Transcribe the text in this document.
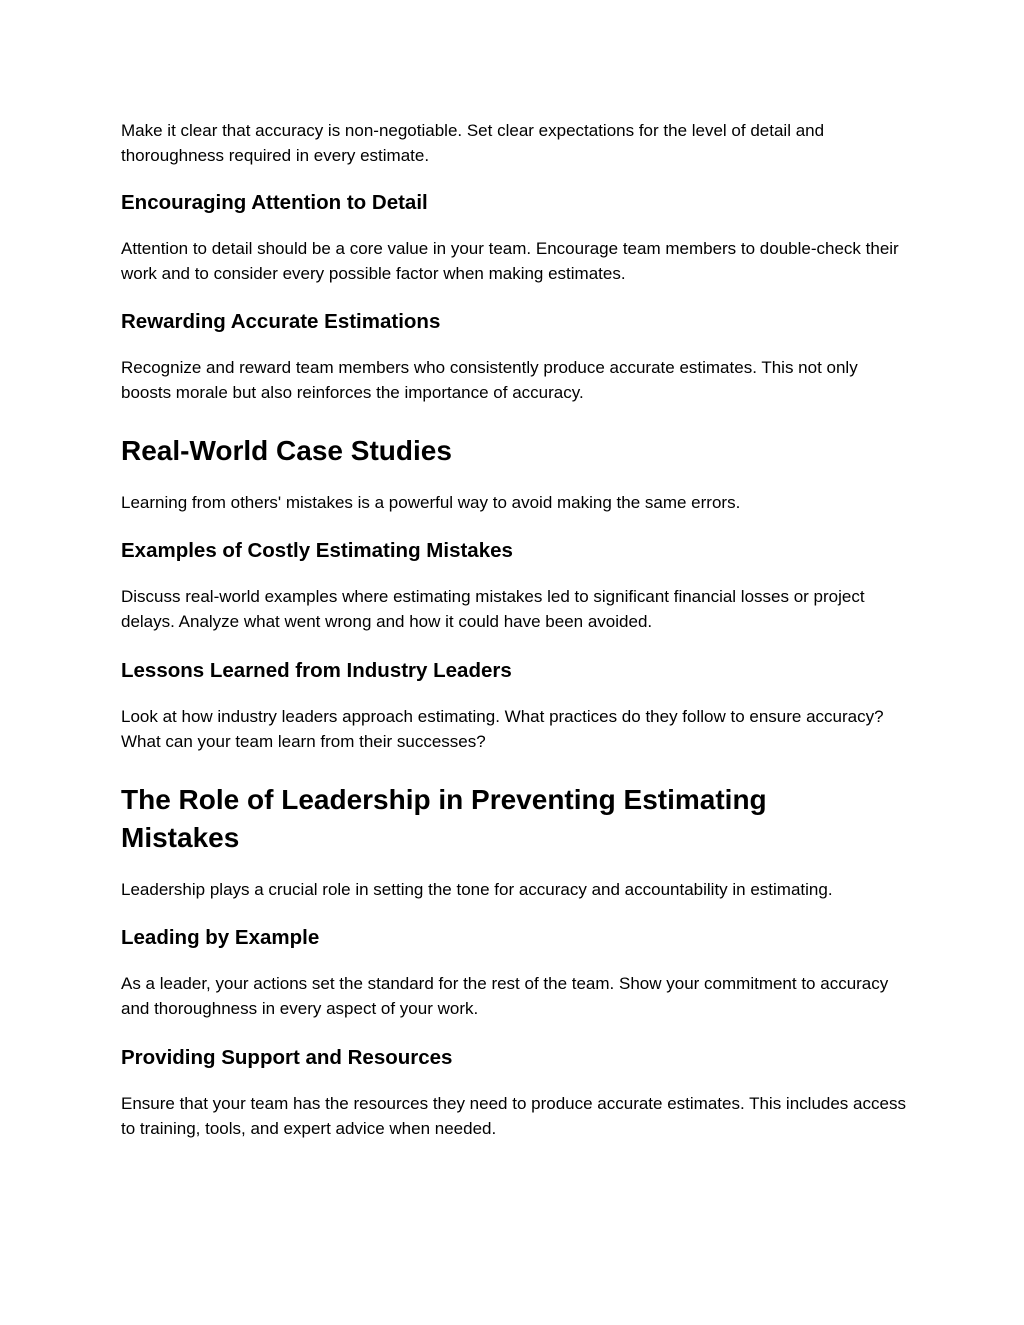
Make it clear that accuracy is non-negotiable. Set clear expectations for the level of detail and thoroughness required in every estimate.

Encouraging Attention to Detail

Attention to detail should be a core value in your team. Encourage team members to double-check their work and to consider every possible factor when making estimates.

Rewarding Accurate Estimations

Recognize and reward team members who consistently produce accurate estimates. This not only boosts morale but also reinforces the importance of accuracy.

Real-World Case Studies

Learning from others' mistakes is a powerful way to avoid making the same errors.

Examples of Costly Estimating Mistakes

Discuss real-world examples where estimating mistakes led to significant financial losses or project delays. Analyze what went wrong and how it could have been avoided.

Lessons Learned from Industry Leaders

Look at how industry leaders approach estimating. What practices do they follow to ensure accuracy? What can your team learn from their successes?

The Role of Leadership in Preventing Estimating Mistakes

Leadership plays a crucial role in setting the tone for accuracy and accountability in estimating.

Leading by Example

As a leader, your actions set the standard for the rest of the team. Show your commitment to accuracy and thoroughness in every aspect of your work.

Providing Support and Resources

Ensure that your team has the resources they need to produce accurate estimates. This includes access to training, tools, and expert advice when needed.
